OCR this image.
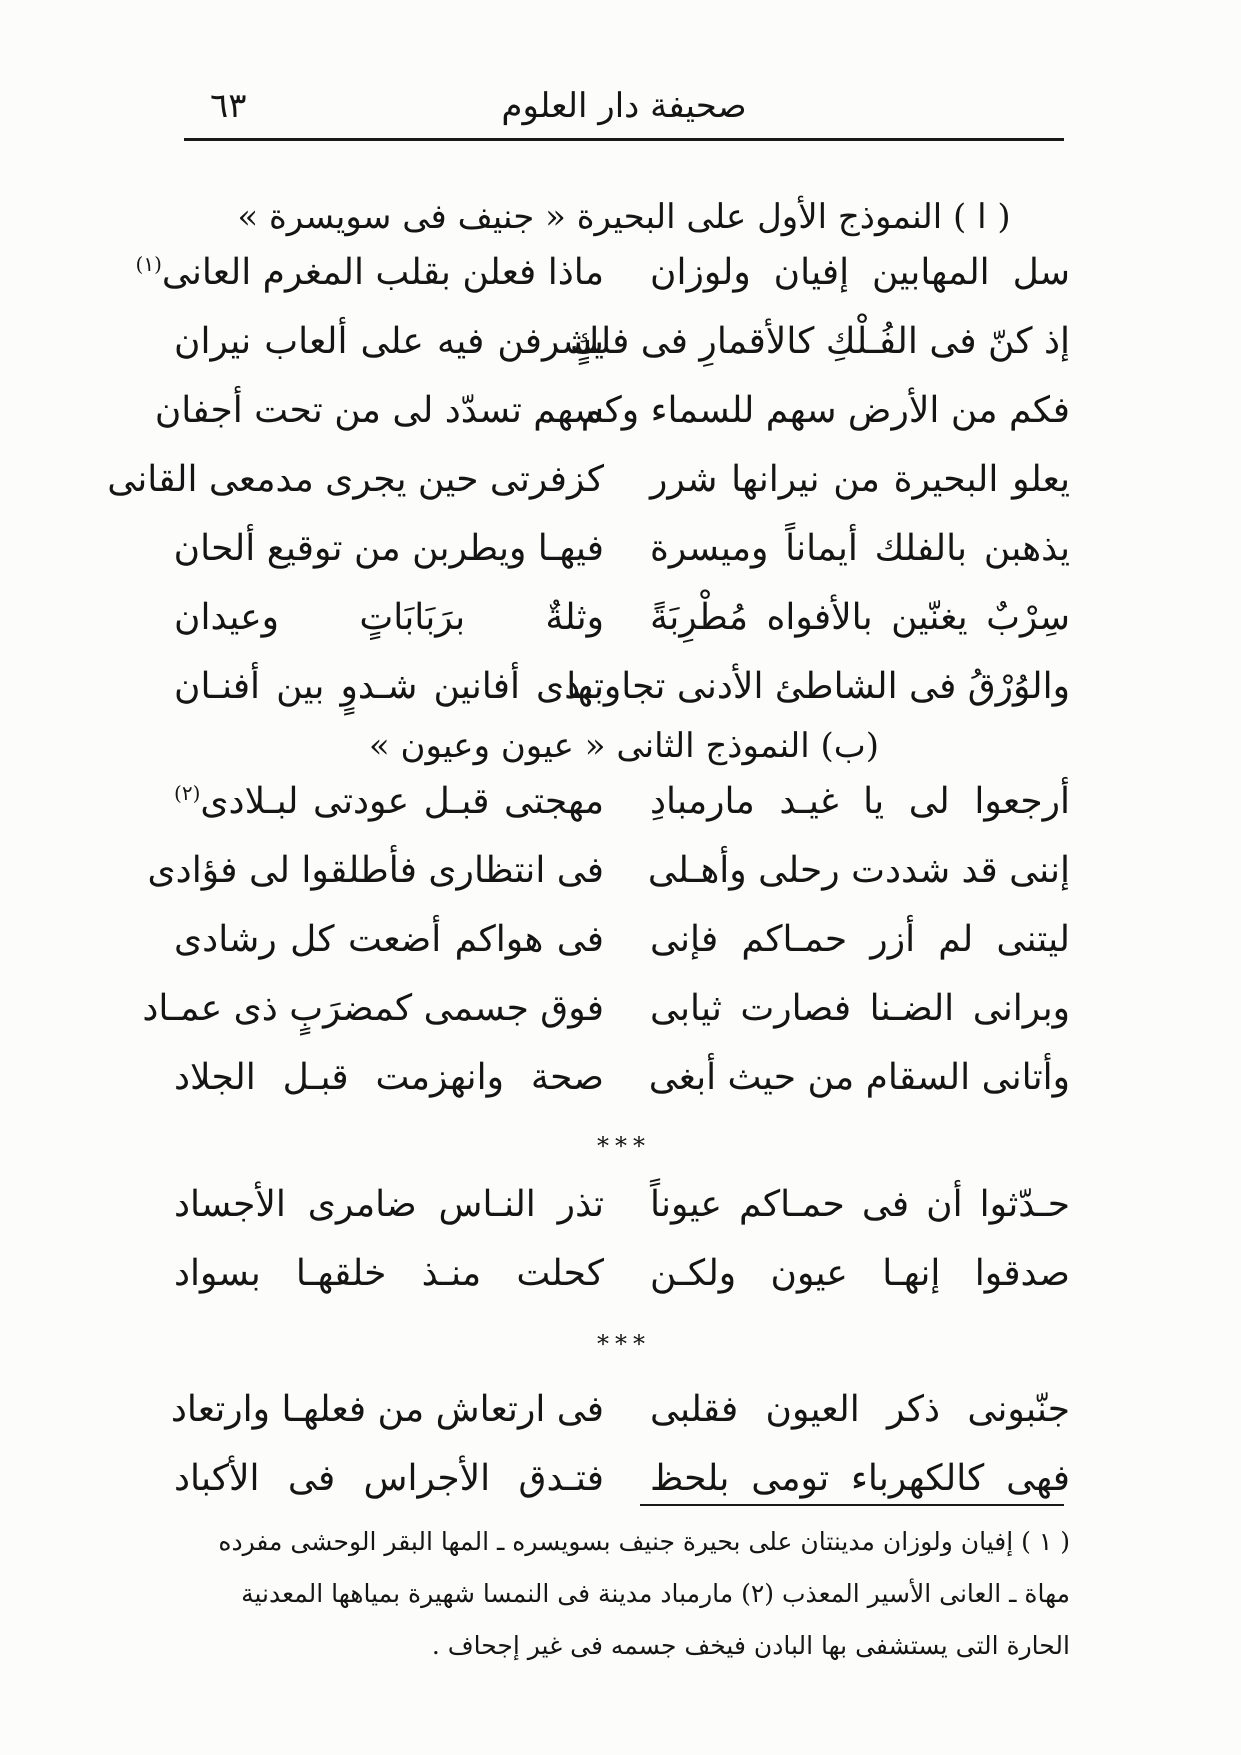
صحيفة دار العلوم
٦٣
( ا ) النموذج الأول على البحيرة « جنيف فى سويسرة »
سل المهابين إفيان ولوزان
ماذا فعلن بقلب المغرم العانى$^{(١)}$
إذ كنّ فى الفُـلْكِ كالأقمارِ فى فلكٍ
يشرفن فيه على ألعاب نيران
فكم من الأرض سهم للسماء وكم
سهم تسدّد لى من تحت أجفان
يعلو البحيرة من نيرانها شرر
كزفرتى حين يجرى مدمعى القانى
يذهبن بالفلك أيماناً وميسرة
فيهـا ويطربن من توقيع ألحان
سِرْبٌ يغنّين بالأفواه مُطْرِبَةً
وثلةٌ برَبَابَاتٍ وعيدان
والوُرْقُ فى الشاطئ الأدنى تجاوبها
تبدى أفانين شـدوٍ بين أفنـان
(ب) النموذج الثانى « عيون وعيون »
أرجعوا لى يا غيـد مارمبادِ
مهجتى قبـل عودتى لبـلادى$^{(٢)}$
إننى قد شددت رحلى وأهـلى
فى انتظارى فأطلقوا لى فؤادى
ليتنى لم أزر حمـاكم فإنى
فى هواكم أضعت كل رشادى
وبرانى الضـنا فصارت ثيابى
فوق جسمى كمضرَبٍ ذى عمـاد
وأتانى السقام من حيث أبغى
صحة وانهزمت قبـل الجلاد
***
حـدّثوا أن فى حمـاكم عيوناً
تذر النـاس ضامرى الأجساد
صدقوا إنهـا عيون ولكـن
كحلت منـذ خلقهـا بسواد
***
جنّبونى ذكر العيون فقلبى
فى ارتعاش من فعلهـا وارتعاد
فهى كالكهرباء تومى بلحظ
فتـدق الأجراس فى الأكباد
( ١ ) إفيان ولوزان مدينتان على بحيرة جنيف بسويسره ـ المها البقر الوحشى مفرده
مهاة ـ العانى الأسير المعذب (٢) مارمباد مدينة فى النمسا شهيرة بمياهها المعدنية
الحارة التى يستشفى بها البادن فيخف جسمه فى غير إجحاف .
